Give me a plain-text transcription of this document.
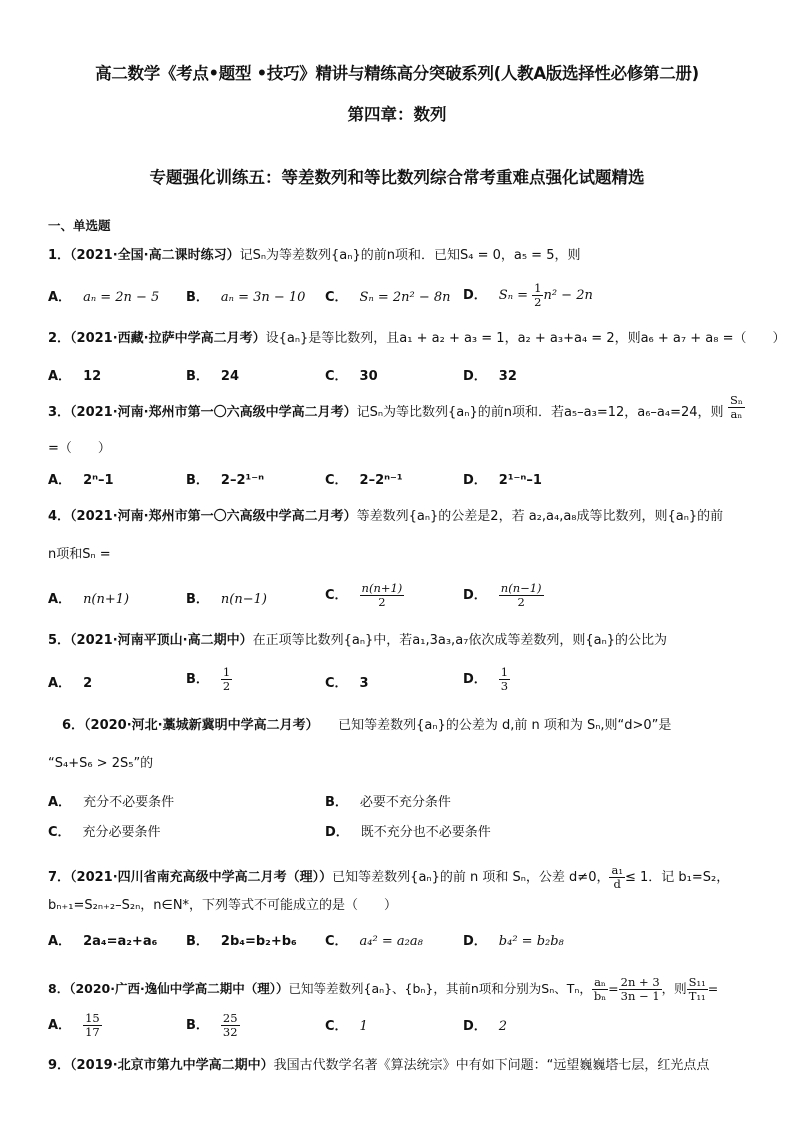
高二数学《考点•题型 •技巧》精讲与精练高分突破系列(人教A版选择性必修第二册)
第四章：数列
专题强化训练五：等差数列和等比数列综合常考重难点强化试题精选
一、单选题
1．（2021·全国·高二课时练习）记Sₙ为等差数列{aₙ}的前n项和．已知S₄ = 0，a₅ = 5，则
A． aₙ = 2n − 5 B． aₙ = 3n − 10 C． Sₙ = 2n² − 8n D． $S_n = \frac{1}{2} n^2 - 2n$
2．（2021·西藏·拉萨中学高二月考）设{aₙ}是等比数列，且a₁ + a₂ + a₃ = 1，a₂ + a₃+a₄ = 2，则a₆ + a₇ + a₈ =（　　）
A． 12	B． 24	C． 30	D． 32
3．（2021·河南·郑州市第一〇六高级中学高二月考）记Sₙ为等比数列{aₙ}的前n项和．若a₅–a₃=12，a₆–a₄=24，则 $\frac{\text{Sₙ}}{\text{aₙ}}$
=（　　）
A． 2ⁿ–1	B． 2–2¹⁻ⁿ	C． 2–2ⁿ⁻¹	D． 2¹⁻ⁿ–1
4．（2021·河南·郑州市第一〇六高级中学高二月考）等差数列{aₙ}的公差是2，若 a₂,a₄,a₈成等比数列，则{aₙ}的前
n项和Sₙ =
A． n(n+1)	B． n(n−1)	C． $\frac{n(n+1)}{2}$	D． $\frac{n(n-1)}{2}$
5．（2021·河南平顶山·高二期中）在正项等比数列{aₙ}中，若a₁,3a₃,a₇依次成等差数列，则{aₙ}的公比为
A． 2	B． $\frac{1}{2}$	C． 3	D． $\frac{1}{3}$
6．（2020·河北·藁城新冀明中学高二月考）　　 已知等差数列{aₙ}的公差为 d,前 n 项和为 Sₙ,则“d>0”是
“S₄+S₆ > 2S₅”的
A． 充分不必要条件	B． 必要不充分条件
C． 充分必要条件	D． 既不充分也不必要条件
7．（2021·四川省南充高级中学高二月考（理））已知等差数列{aₙ}的前 n 项和 Sₙ，公差 d≠0， $\frac{\text{a₁}}{d} \le 1$．记 b₁=S₂，
bₙ₊₁=S₂ₙ₊₂–S₂ₙ，n∈N*，下列等式不可能成立的是（　　）
A． 2a₄=a₂+a₆ B． 2b₄=b₂+b₆ C． a₄² = a₂a₈	D． b₄² = b₂b₈
8．（2020·广西·逸仙中学高二期中（理））已知等差数列{aₙ}、{bₙ}，其前n项和分别为Sₙ、Tₙ， $\frac{\text{aₙ}}{\text{bₙ}} = \frac{2n + 3}{3n - 1}$ ，则 $\frac{\text{S₁₁}}{\text{T₁₁}}$ =
A． $\frac{15}{17}$	B． $\frac{25}{32}$	C． 1	D． 2
9．（2019·北京市第九中学高二期中）我国古代数学名著《算法统宗》中有如下问题：“远望巍巍塔七层，红光点点
